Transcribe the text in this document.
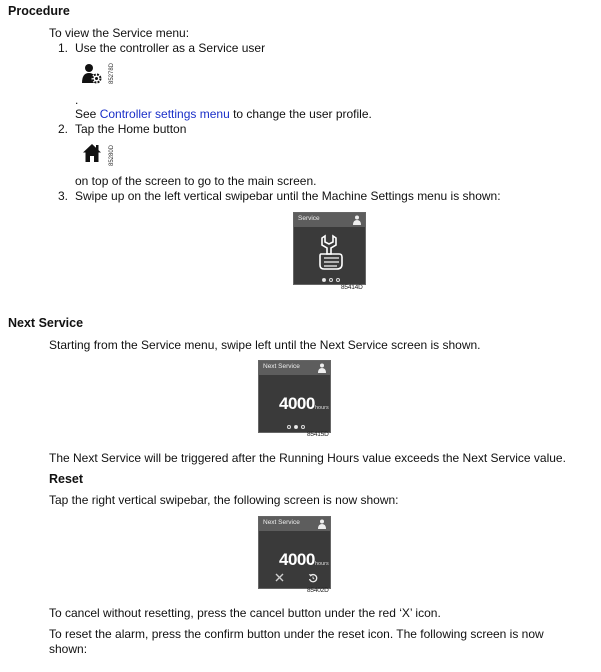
Procedure
To view the Service menu:
1. Use the controller as a Service user
85278D
.
See Controller settings menu to change the user profile.
2. Tap the Home button
85280D
on top of the screen to go to the main screen.
3. Swipe up on the left vertical swipebar until the Machine Settings menu is shown:
Service
85414D
Next Service
Starting from the Service menu, swipe left until the Next Service screen is shown.
Next Service
4000 hours
85415D
The Next Service will be triggered after the Running Hours value exceeds the Next Service value.
Reset
Tap the right vertical swipebar, the following screen is now shown:
Next Service
4000 hours
85402D
To cancel without resetting, press the cancel button under the red ‘X’ icon.
To reset the alarm, press the confirm button under the reset icon. The following screen is now
shown:
